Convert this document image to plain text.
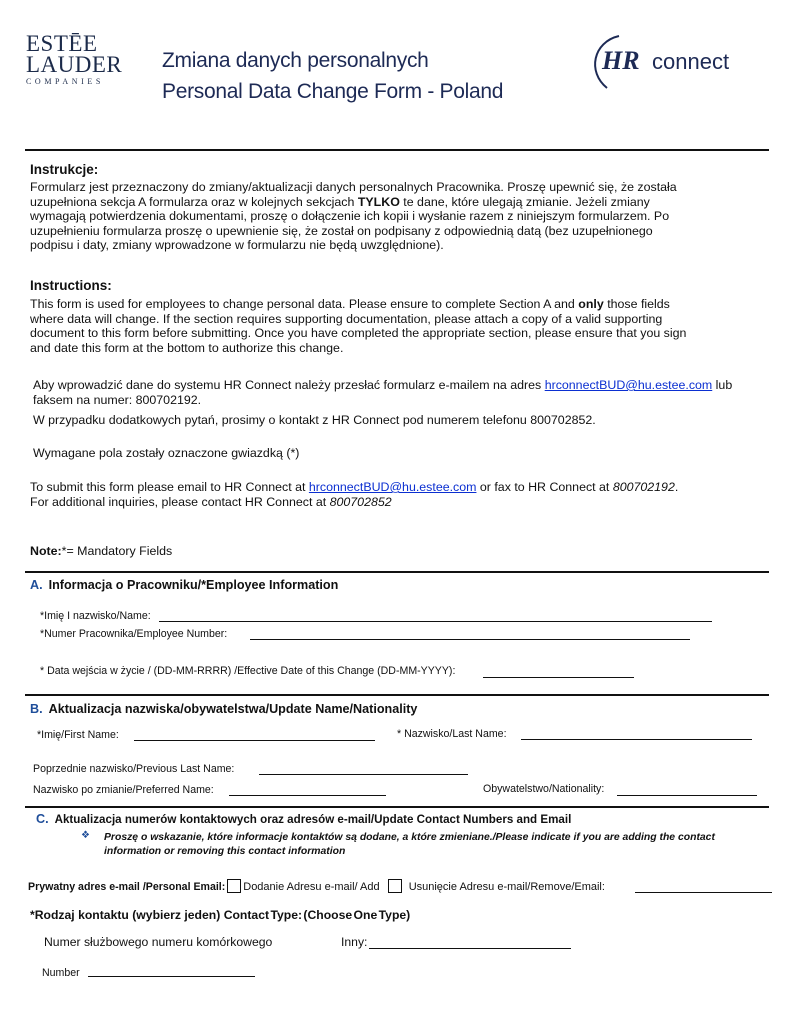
ESTĒE
LAUDER
COMPANIES
Zmiana danych personalnych
Personal Data Change Form - Poland
HR connect
Instrukcje:
Formularz jest przeznaczony do zmiany/aktualizacji danych personalnych Pracownika. Proszę upewnić się, że została
uzupełniona sekcja A formularza oraz w kolejnych sekcjach TYLKO te dane, które ulegają zmianie. Jeżeli zmiany
wymagają potwierdzenia dokumentami, proszę o dołączenie ich kopii i wysłanie razem z niniejszym formularzem. Po
uzupełnieniu formularza proszę o upewnienie się, że został on podpisany z odpowiednią datą (bez uzupełnionego
podpisu i daty, zmiany wprowadzone w formularzu nie będą uwzględnione).
Instructions:
This form is used for employees to change personal data. Please ensure to complete Section A and only those fields
where data will change. If the section requires supporting documentation, please attach a copy of a valid supporting
document to this form before submitting. Once you have completed the appropriate section, please ensure that you sign
and date this form at the bottom to authorize this change.
Aby wprowadzić dane do systemu HR Connect należy przesłać formularz e-mailem na adres hrconnectBUD@hu.estee.com lub
faksem na numer: 800702192.
W przypadku dodatkowych pytań, prosimy o kontakt z HR Connect pod numerem telefonu 800702852.
Wymagane pola zostały oznaczone gwiazdką (*)
To submit this form please email to HR Connect at hrconnectBUD@hu.estee.com or fax to HR Connect at 800702192.
For additional inquiries, please contact HR Connect at 800702852
Note:*= Mandatory Fields
A. Informacja o Pracowniku/*Employee Information
*Imię I nazwisko/Name:
*Numer Pracownika/Employee Number:
* Data wejścia w życie / (DD-MM-RRRR) /Effective Date of this Change (DD-MM-YYYY):
B. Aktualizacja nazwiska/obywatelstwa/Update Name/Nationality
*Imię/First Name:	* Nazwisko/Last Name:
Poprzednie nazwisko/Previous Last Name:
Nazwisko po zmianie/Preferred Name:	Obywatelstwo/Nationality:
C. Aktualizacja numerów kontaktowych oraz adresów e-mail/Update Contact Numbers and Email
❖ Proszę o wskazanie, które informacje kontaktów są dodane, a które zmieniane./Please indicate if you are adding the contact
information or removing this contact information
Prywatny adres e-mail /Personal Email: Dodanie Adresu e-mail/ Add	Usunięcie Adresu e-mail/Remove/Email:
*Rodzaj kontaktu (wybierz jeden) Contact Type: (Choose One Type)
Numer służbowego numeru komórkowego	Inny:
Number
